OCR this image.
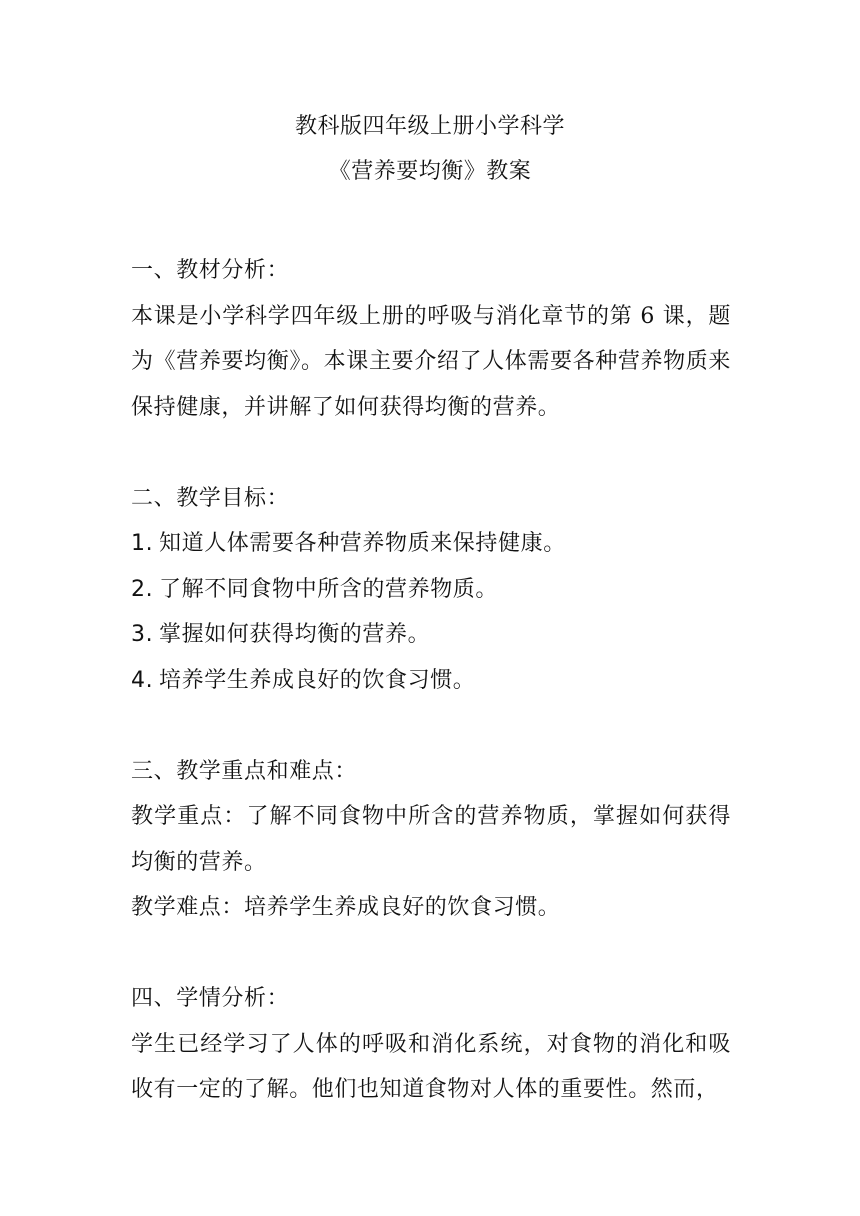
教科版四年级上册小学科学
《营养要均衡》教案

一、教材分析：

本课是小学科学四年级上册的呼吸与消化章节的第 6 课，题为《营养要均衡》。本课主要介绍了人体需要各种营养物质来保持健康，并讲解了如何获得均衡的营养。

二、教学目标：

1. 知道人体需要各种营养物质来保持健康。

2. 了解不同食物中所含的营养物质。

3. 掌握如何获得均衡的营养。

4. 培养学生养成良好的饮食习惯。

三、教学重点和难点：

教学重点：了解不同食物中所含的营养物质，掌握如何获得均衡的营养。

教学难点：培养学生养成良好的饮食习惯。

四、学情分析：

学生已经学习了人体的呼吸和消化系统，对食物的消化和吸收有一定的了解。他们也知道食物对人体的重要性。然而，
